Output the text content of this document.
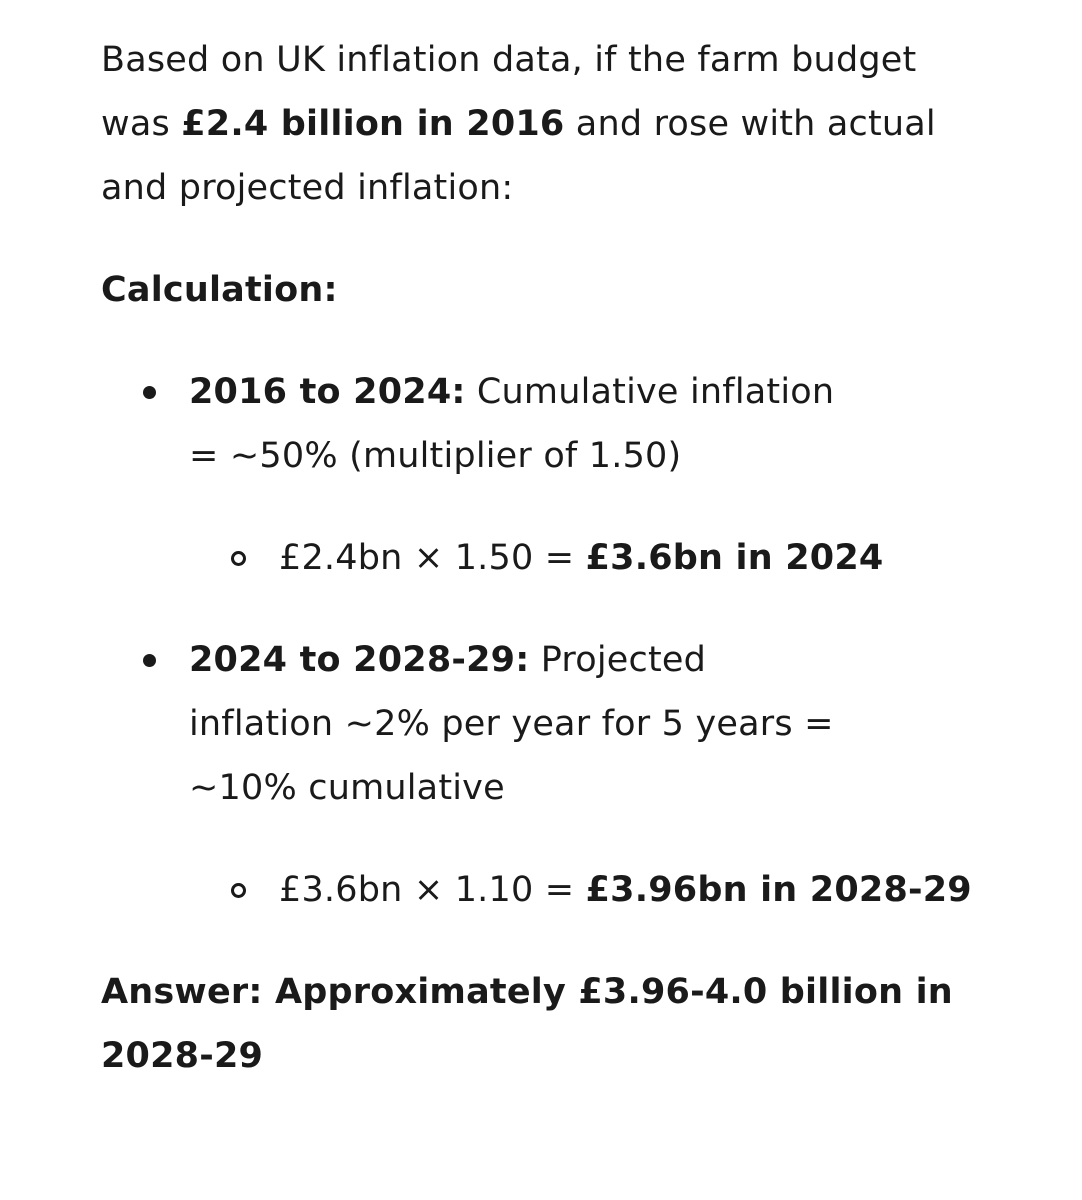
Based on UK inflation data, if the farm budget was £2.4 billion in 2016 and rose with actual and projected inflation:

Calculation:

2016 to 2024: Cumulative inflation = ~50% (multiplier of 1.50)
£2.4bn × 1.50 = £3.6bn in 2024
2024 to 2028-29: Projected inflation ~2% per year for 5 years = ~10% cumulative
£3.6bn × 1.10 = £3.96bn in 2028-29

Answer: Approximately £3.96-4.0 billion in 2028-29
